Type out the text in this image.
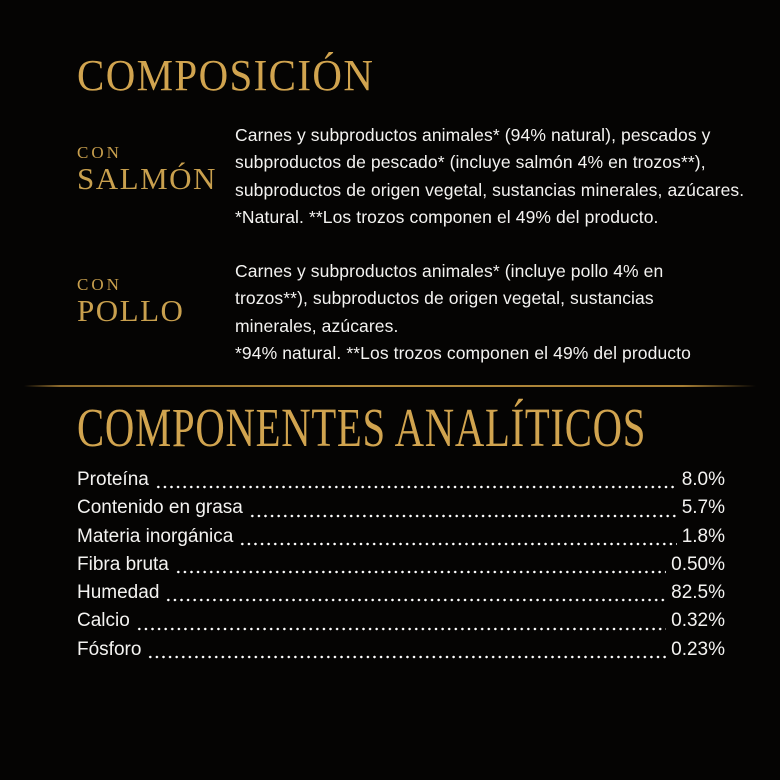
COMPOSICIÓN
CON
SALMÓN
Carnes y subproductos animales* (94% natural), pescados y
subproductos de pescado* (incluye salmón 4% en trozos**),
subproductos de origen vegetal, sustancias minerales, azúcares.
*Natural. **Los trozos componen el 49% del producto.
CON
POLLO
Carnes y subproductos animales* (incluye pollo 4% en
trozos**), subproductos de origen vegetal, sustancias
minerales, azúcares.
*94% natural. **Los trozos componen el 49% del producto
COMPONENTES ANALÍTICOS
Proteína	8.0%
Contenido en grasa	5.7%
Materia inorgánica	1.8%
Fibra bruta	0.50%
Humedad	82.5%
Calcio	0.32%
Fósforo	0.23%
